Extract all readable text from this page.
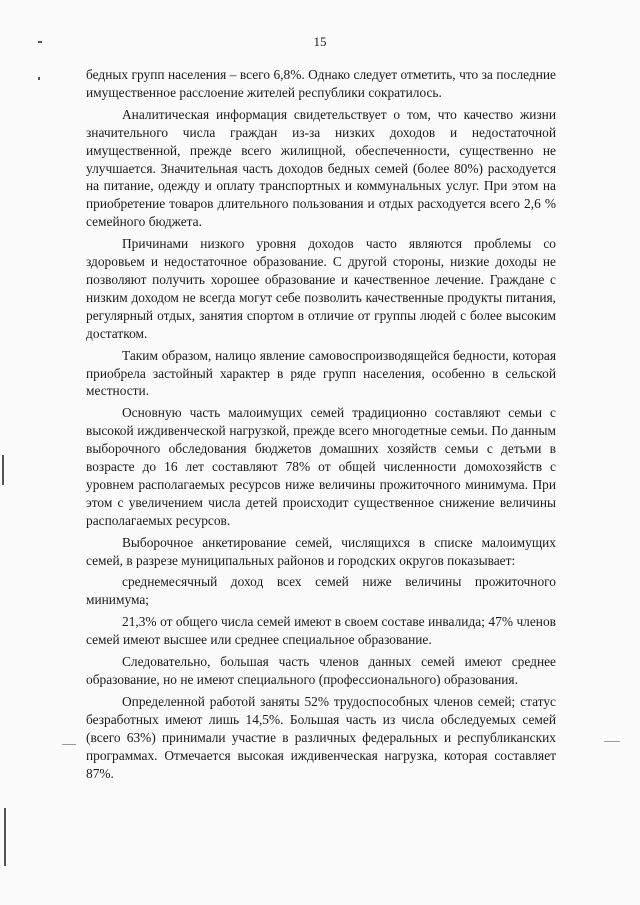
15

бедных групп населения – всего 6,8%. Однако следует отметить, что за последние имущественное расслоение жителей республики сократилось.

Аналитическая информация свидетельствует о том, что качество жизни значительного числа граждан из-за низких доходов и недостаточной имущественной, прежде всего жилищной, обеспеченности, существенно не улучшается. Значительная часть доходов бедных семей (более 80%) расходуется на питание, одежду и оплату транспортных и коммунальных услуг. При этом на приобретение товаров длительного пользования и отдых расходуется всего 2,6 % семейного бюджета.

Причинами низкого уровня доходов часто являются проблемы со здоровьем и недостаточное образование. С другой стороны, низкие доходы не позволяют получить хорошее образование и качественное лечение. Граждане с низким доходом не всегда могут себе позволить качественные продукты питания, регулярный отдых, занятия спортом в отличие от группы людей с более высоким достатком.

Таким образом, налицо явление самовоспроизводящейся бедности, которая приобрела застойный характер в ряде групп населения, особенно в сельской местности.

Основную часть малоимущих семей традиционно составляют семьи с высокой иждивенческой нагрузкой, прежде всего многодетные семьи. По данным выборочного обследования бюджетов домашних хозяйств семьи с детьми в возрасте до 16 лет составляют 78% от общей численности домохозяйств с уровнем располагаемых ресурсов ниже величины прожиточного минимума. При этом с увеличением числа детей происходит существенное снижение величины располагаемых ресурсов.

Выборочное анкетирование семей, числящихся в списке малоимущих семей, в разрезе муниципальных районов и городских округов показывает:

среднемесячный доход всех семей ниже величины прожиточного минимума;

21,3% от общего числа семей имеют в своем составе инвалида; 47% членов семей имеют высшее или среднее специальное образование.

Следовательно, большая часть членов данных семей имеют среднее образование, но не имеют специального (профессионального) образования.

Определенной работой заняты 52% трудоспособных членов семей; статус безработных имеют лишь 14,5%. Большая часть из числа обследуемых семей (всего 63%) принимали участие в различных федеральных и республиканских программах. Отмечается высокая иждивенческая нагрузка, которая составляет 87%.
